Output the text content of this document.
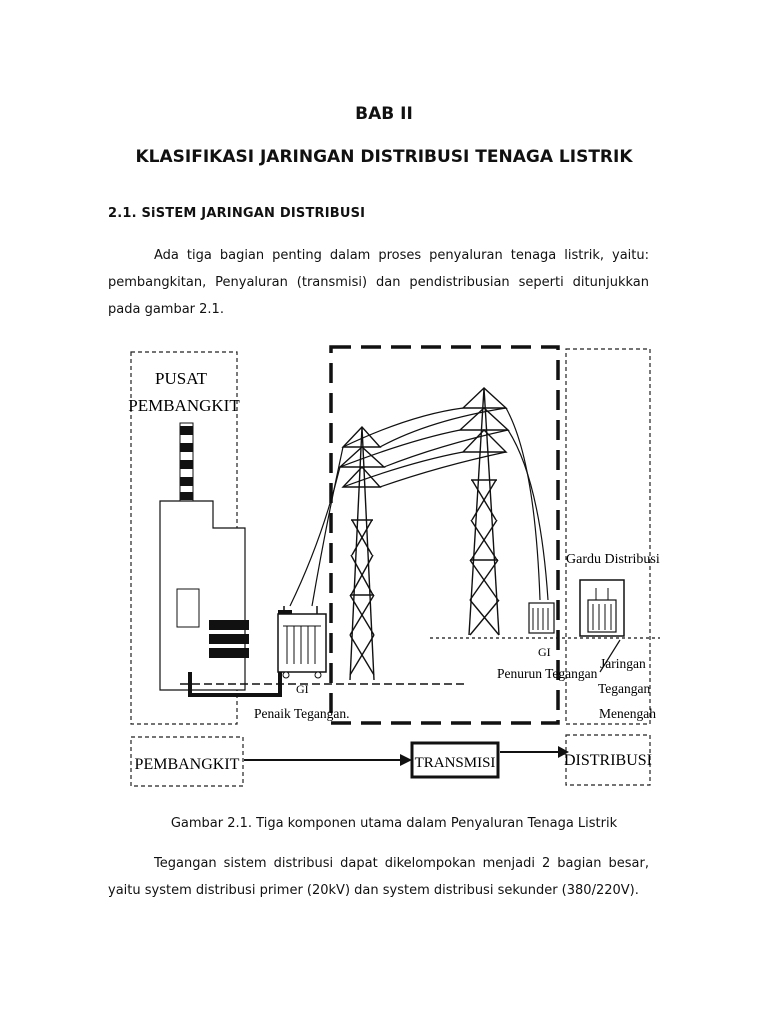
BAB II
KLASIFIKASI JARINGAN DISTRIBUSI TENAGA LISTRIK
2.1. SiSTEM JARINGAN DISTRIBUSI
Ada tiga bagian penting dalam proses penyaluran tenaga listrik, yaitu: pembangkitan, Penyaluran (transmisi) dan pendistribusian seperti ditunjukkan pada gambar 2.1.
PUSAT
PEMBANGKIT
GI
Penaik Tegangan.
GI
Penurun Tegangan
Gardu Distribusi
Jaringan
Tegangan
Menengah
PEMBANGKIT	TRANSMISI	DISTRIBUSI
Gambar 2.1. Tiga komponen utama dalam Penyaluran Tenaga Listrik
Tegangan sistem distribusi dapat dikelompokan menjadi 2 bagian besar, yaitu system distribusi primer (20kV) dan system distribusi sekunder (380/220V).
